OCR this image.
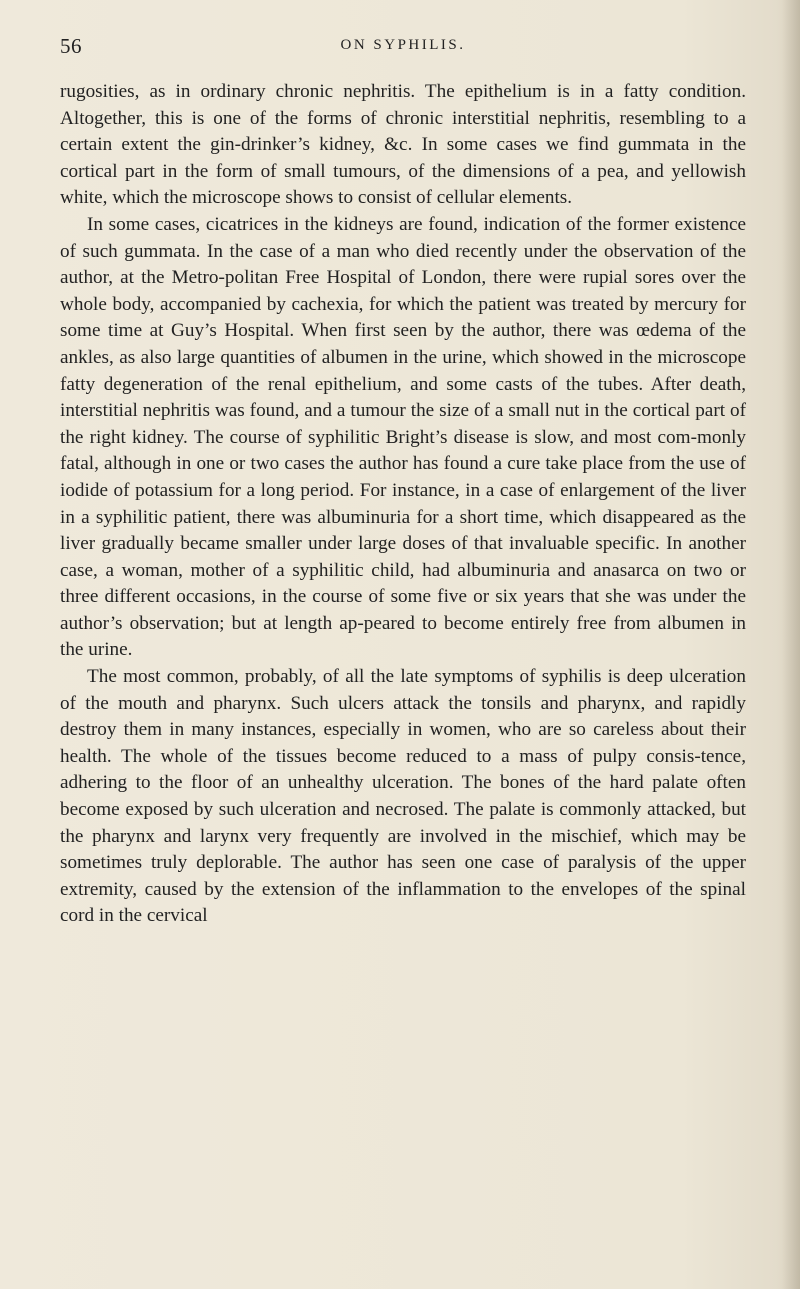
56	ON SYPHILIS.

rugosities, as in ordinary chronic nephritis. The epithelium is in a fatty condition. Altogether, this is one of the forms of chronic interstitial nephritis, resembling to a certain extent the gin-drinker’s kidney, &c. In some cases we find gummata in the cortical part in the form of small tumours, of the dimensions of a pea, and yellowish white, which the microscope shows to consist of cellular elements.

In some cases, cicatrices in the kidneys are found, indication of the former existence of such gummata. In the case of a man who died recently under the observation of the author, at the Metro-politan Free Hospital of London, there were rupial sores over the whole body, accompanied by cachexia, for which the patient was treated by mercury for some time at Guy’s Hospital. When first seen by the author, there was œdema of the ankles, as also large quantities of albumen in the urine, which showed in the microscope fatty degeneration of the renal epithelium, and some casts of the tubes. After death, interstitial nephritis was found, and a tumour the size of a small nut in the cortical part of the right kidney. The course of syphilitic Bright’s disease is slow, and most com-monly fatal, although in one or two cases the author has found a cure take place from the use of iodide of potassium for a long period. For instance, in a case of enlargement of the liver in a syphilitic patient, there was albuminuria for a short time, which disappeared as the liver gradually became smaller under large doses of that invaluable specific. In another case, a woman, mother of a syphilitic child, had albuminuria and anasarca on two or three different occasions, in the course of some five or six years that she was under the author’s observation; but at length ap-peared to become entirely free from albumen in the urine.

The most common, probably, of all the late symptoms of syphilis is deep ulceration of the mouth and pharynx. Such ulcers attack the tonsils and pharynx, and rapidly destroy them in many instances, especially in women, who are so careless about their health. The whole of the tissues become reduced to a mass of pulpy consis-tence, adhering to the floor of an unhealthy ulceration. The bones of the hard palate often become exposed by such ulceration and necrosed. The palate is commonly attacked, but the pharynx and larynx very frequently are involved in the mischief, which may be sometimes truly deplorable. The author has seen one case of paralysis of the upper extremity, caused by the extension of the inflammation to the envelopes of the spinal cord in the cervical
